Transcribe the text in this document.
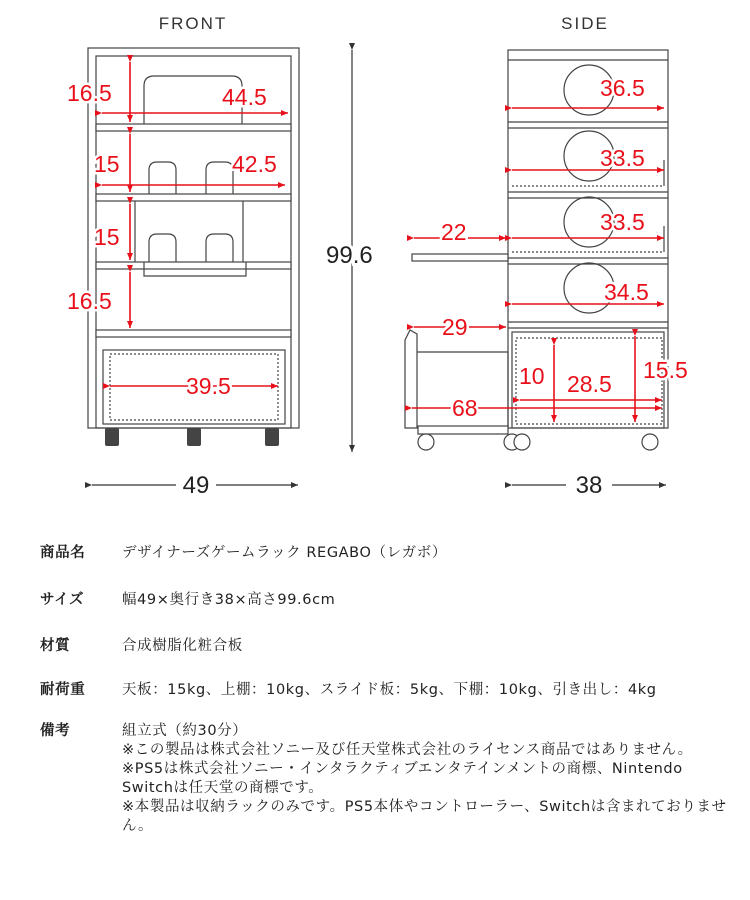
FRONT
16.5	44.5
15	42.5
15
16.5
39.5
99.6
49
SIDE
36.5
33.5
22	33.5
34.5
29
10 28.5
15.5
68
38
商品名	デザイナーズゲームラック REGABO（レガボ）
サイズ	幅49×奥行き38×高さ99.6cm
材質	合成樹脂化粧合板
耐荷重	天板：15kg、上棚：10kg、スライド板：5kg、下棚：10kg、引き出し：4kg
備考	組立式（約30分）
※この製品は株式会社ソニー及び任天堂株式会社のライセンス商品ではありません。
※PS5は株式会社ソニー・インタラクティブエンタテインメントの商標、Nintendo Switchは任天堂の商標です。
※本製品は収納ラックのみです。PS5本体やコントローラー、Switchは含まれておりません。
